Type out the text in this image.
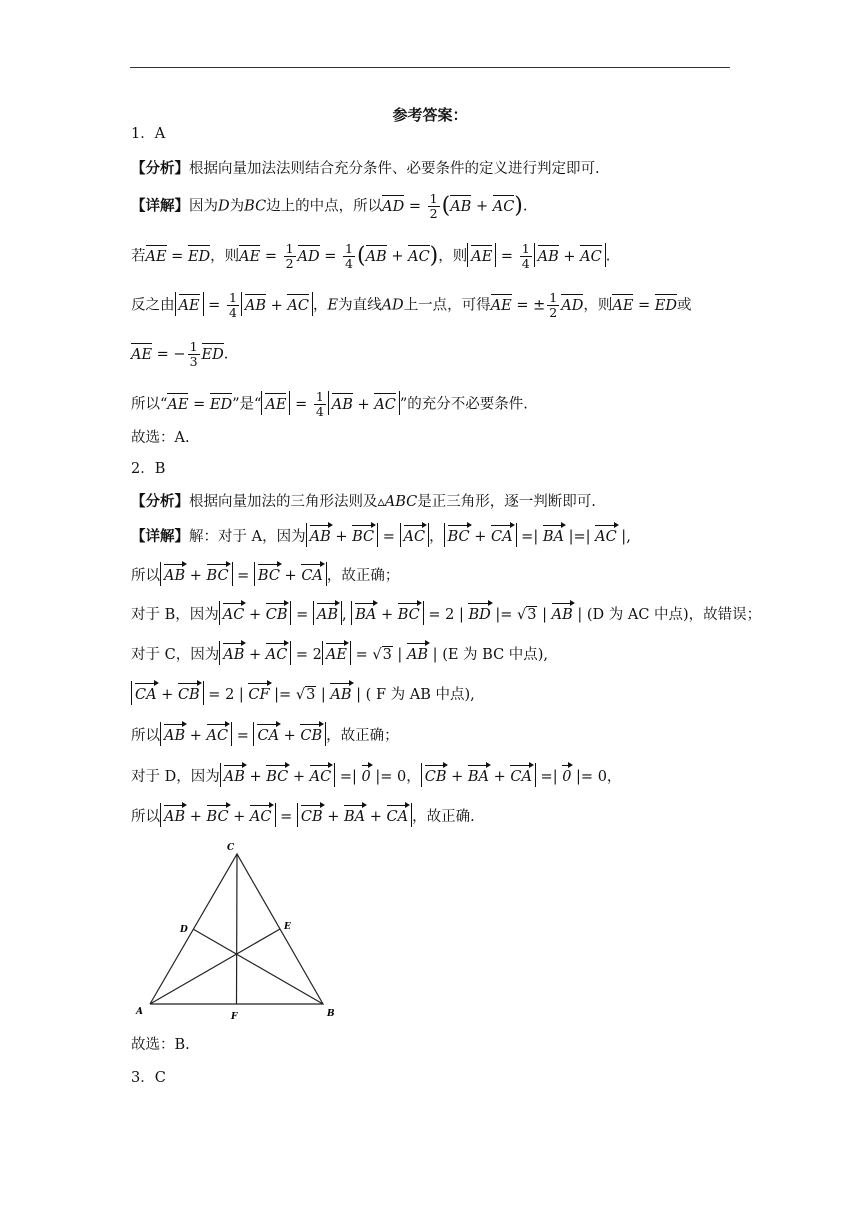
参考答案：
1．A
【分析】根据向量加法法则结合充分条件、必要条件的定义进行判定即可.
【详解】因为D为BC边上的中点，所以AD = $\frac{1}{2} (AB + AC)$.
若AE = ED，则AE = $\frac{1}{2}$ AD = $\frac{1}{4} (AB + AC)$，则 AE = $\frac{1}{4}$ AB + AC .
反之由 AE = $\frac{1}{4}$ AB + AC ，E为直线AD上一点，可得AE = ± $\frac{1}{2}$ AD，则AE = ED或
AE = − $\frac{1}{3}$ ED.
所以“AE = ED”是“ AE = $\frac{1}{4}$ AB + AC ”的充分不必要条件.
故选：A.
2．B
【分析】根据向量加法的三角形法则及▵ABC是正三角形，逐一判断即可.
【详解】解：对于 A，因为 AB + BC = AC ， BC + CA =| BA |=| AC |,
所以 AB + BC = BC + CA ，故正确；
对于 B，因为 AC + CB = AB , BA + BC = 2 | BD |= √3 | AB | (D 为 AC 中点)，故错误；
对于 C，因为 AB + AC = 2 AE = √3 | AB | (E 为 BC 中点),
CA + CB = 2 | CF |= √3 | AB | ( F 为 AB 中点),
所以 AB + AC = CA + CB ，故正确；
对于 D，因为 AB + BC + AC =| 0 |= 0， CB + BA + CA =| 0 |= 0，
所以 AB + BC + AC = CB + BA + CA ，故正确.
C
D	E
A	F	B
故选：B.
3．C
